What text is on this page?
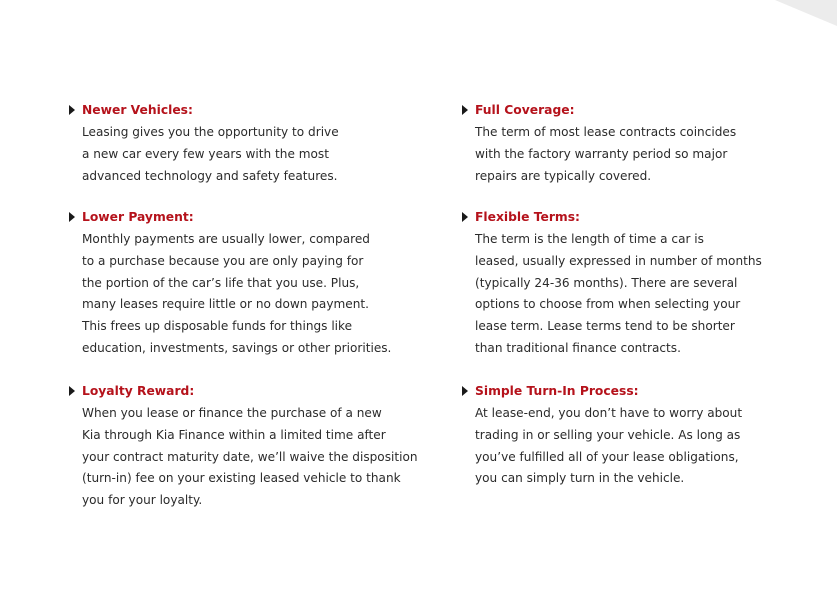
Newer Vehicles:
Leasing gives you the opportunity to drive
a new car every few years with the most
advanced technology and safety features.
Lower Payment:
Monthly payments are usually lower, compared
to a purchase because you are only paying for
the portion of the car’s life that you use. Plus,
many leases require little or no down payment.
This frees up disposable funds for things like
education, investments, savings or other priorities.
Loyalty Reward:
When you lease or finance the purchase of a new
Kia through Kia Finance within a limited time after
your contract maturity date, we’ll waive the disposition
(turn-in) fee on your existing leased vehicle to thank
you for your loyalty.
Full Coverage:
The term of most lease contracts coincides
with the factory warranty period so major
repairs are typically covered.
Flexible Terms:
The term is the length of time a car is
leased, usually expressed in number of months
(typically 24-36 months). There are several
options to choose from when selecting your
lease term. Lease terms tend to be shorter
than traditional finance contracts.
Simple Turn-In Process:
At lease-end, you don’t have to worry about
trading in or selling your vehicle. As long as
you’ve fulfilled all of your lease obligations,
you can simply turn in the vehicle.
